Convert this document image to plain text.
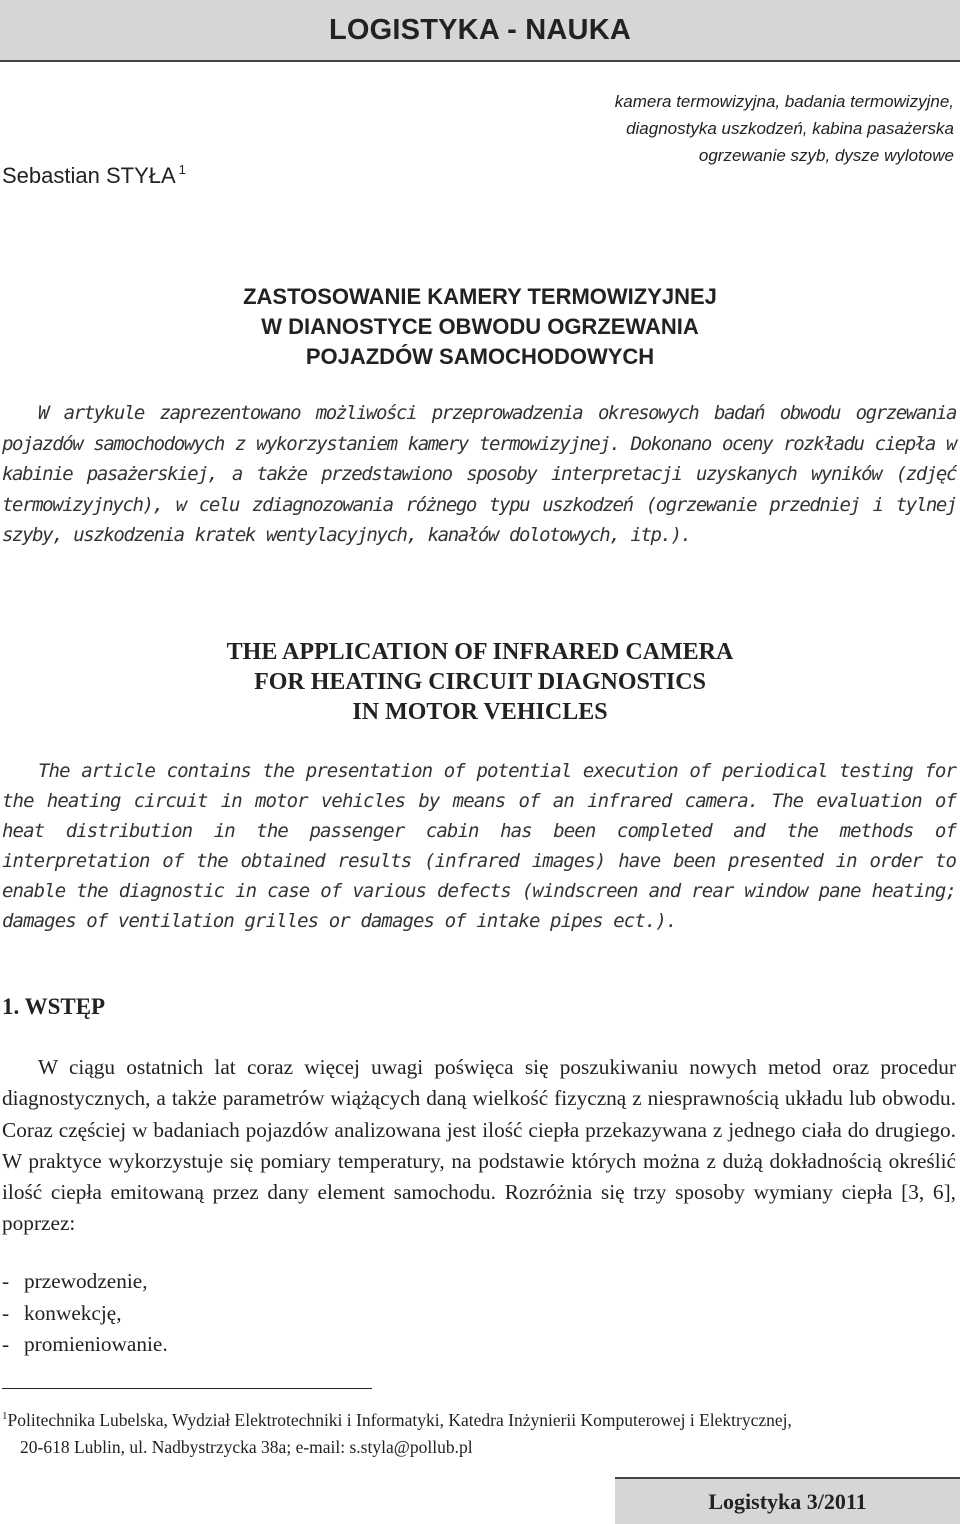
LOGISTYKA - NAUKA
kamera termowizyjna, badania termowizyjne,
diagnostyka uszkodzeń, kabina pasażerska
ogrzewanie szyb, dysze wylotowe
Sebastian STYŁA $^1$
ZASTOSOWANIE KAMERY TERMOWIZYJNEJ
W DIANOSTYCE OBWODU OGRZEWANIA
POJAZDÓW SAMOCHODOWYCH

W artykule zaprezentowano możliwości przeprowadzenia okresowych badań obwodu ogrzewania pojazdów samochodowych z wykorzystaniem kamery termowizyjnej. Dokonano oceny rozkładu ciepła w kabinie pasażerskiej, a także przedstawiono sposoby interpretacji uzyskanych wyników (zdjęć termowizyjnych), w celu zdiagnozowania różnego typu uszkodzeń (ogrzewanie przedniej i tylnej szyby, uszkodzenia kratek wentylacyjnych, kanałów dolotowych, itp.).

THE APPLICATION OF INFRARED CAMERA
FOR HEATING CIRCUIT DIAGNOSTICS
IN MOTOR VEHICLES

The article contains the presentation of potential execution of periodical testing for the heating circuit in motor vehicles by means of an infrared camera. The evaluation of heat distribution in the passenger cabin has been completed and the methods of interpretation of the obtained results (infrared images) have been presented in order to enable the diagnostic in case of various defects (windscreen and rear window pane heating; damages of ventilation grilles or damages of intake pipes ect.).

1. WSTĘP

W ciągu ostatnich lat coraz więcej uwagi poświęca się poszukiwaniu nowych metod oraz procedur diagnostycznych, a także parametrów wiążących daną wielkość fizyczną z niesprawnością układu lub obwodu. Coraz częściej w badaniach pojazdów analizowana jest ilość ciepła przekazywana z jednego ciała do drugiego. W praktyce wykorzystuje się pomiary temperatury, na podstawie których można z dużą dokładnością określić ilość ciepła emitowaną przez dany element samochodu. Rozróżnia się trzy sposoby wymiany ciepła [3, 6], poprzez:

- przewodzenie,
- konwekcję,
- promieniowanie.
$^1$Politechnika Lubelska, Wydział Elektrotechniki i Informatyki, Katedra Inżynierii Komputerowej i Elektrycznej,
20-618 Lublin, ul. Nadbystrzycka 38a; e-mail: s.styla@pollub.pl
Logistyka 3/2011
